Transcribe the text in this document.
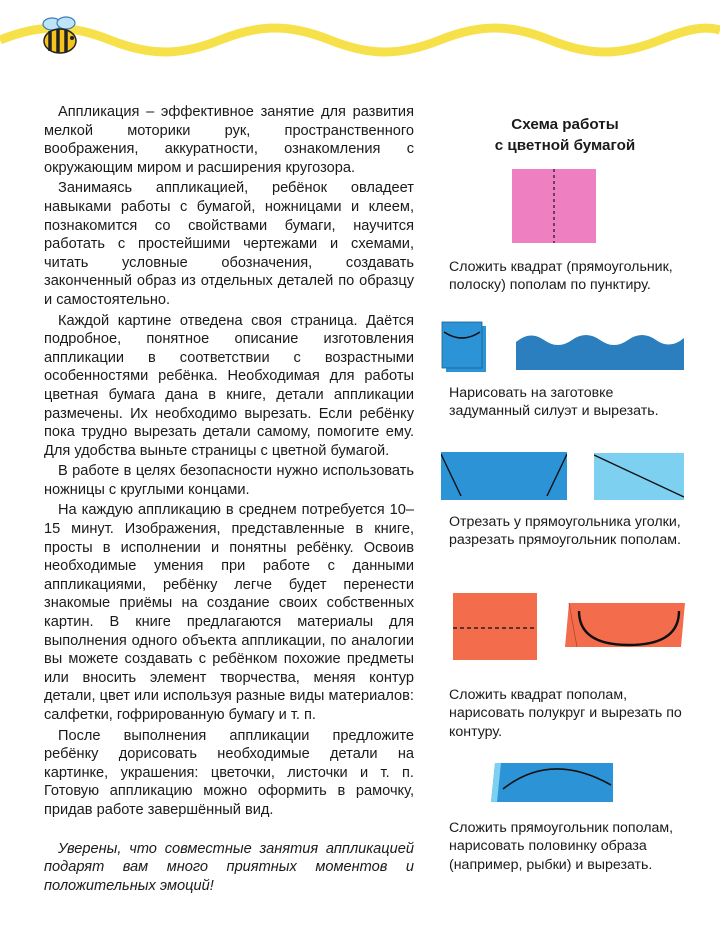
Аппликация – эффективное занятие для развития мелкой моторики рук, пространственного воображения, аккуратности, ознакомления с окружающим миром и расширения кругозора.

Занимаясь аппликацией, ребёнок овладеет навыками работы с бумагой, ножницами и клеем, познакомится со свойствами бумаги, научится работать с простейшими чертежами и схемами, читать условные обозначения, создавать законченный образ из отдельных деталей по образцу и самостоятельно.

Каждой картине отведена своя страница. Даётся подробное, понятное описание изготовления аппликации в соответствии с возрастными особенностями ребёнка. Необходимая для работы цветная бумага дана в книге, детали аппликации размечены. Их необходимо вырезать. Если ребёнку пока трудно вырезать детали самому, помогите ему. Для удобства выньте страницы с цветной бумагой.

В работе в целях безопасности нужно использовать ножницы с круглыми концами.

На каждую аппликацию в среднем потребуется 10–15 минут. Изображения, представленные в книге, просты в исполнении и понятны ребёнку. Освоив необходимые умения при работе с данными аппликациями, ребёнку легче будет перенести знакомые приёмы на создание своих собственных картин. В книге предлагаются материалы для выполнения одного объекта аппликации, по аналогии вы можете создавать с ребёнком похожие предметы или вносить элемент творчества, меняя контур детали, цвет или используя разные виды материалов: салфетки, гофрированную бумагу и т. п.

После выполнения аппликации предложите ребёнку дорисовать необходимые детали на картинке, украшения: цветочки, листочки и т. п. Готовую аппликацию можно оформить в рамочку, придав работе завершённый вид.

Уверены, что совместные занятия аппликацией подарят вам много приятных моментов и положительных эмоций!

Схема работы
с цветной бумагой
Сложить квадрат (прямоугольник, полоску) пополам по пунктиру.
Нарисовать на заготовке задуманный силуэт и вырезать.
Отрезать у прямоугольника уголки, разрезать прямоугольник пополам.
Сложить квадрат пополам, нарисовать полукруг и вырезать по контуру.
Сложить прямоугольник пополам, нарисовать половинку образа (например, рыбки) и вырезать.
